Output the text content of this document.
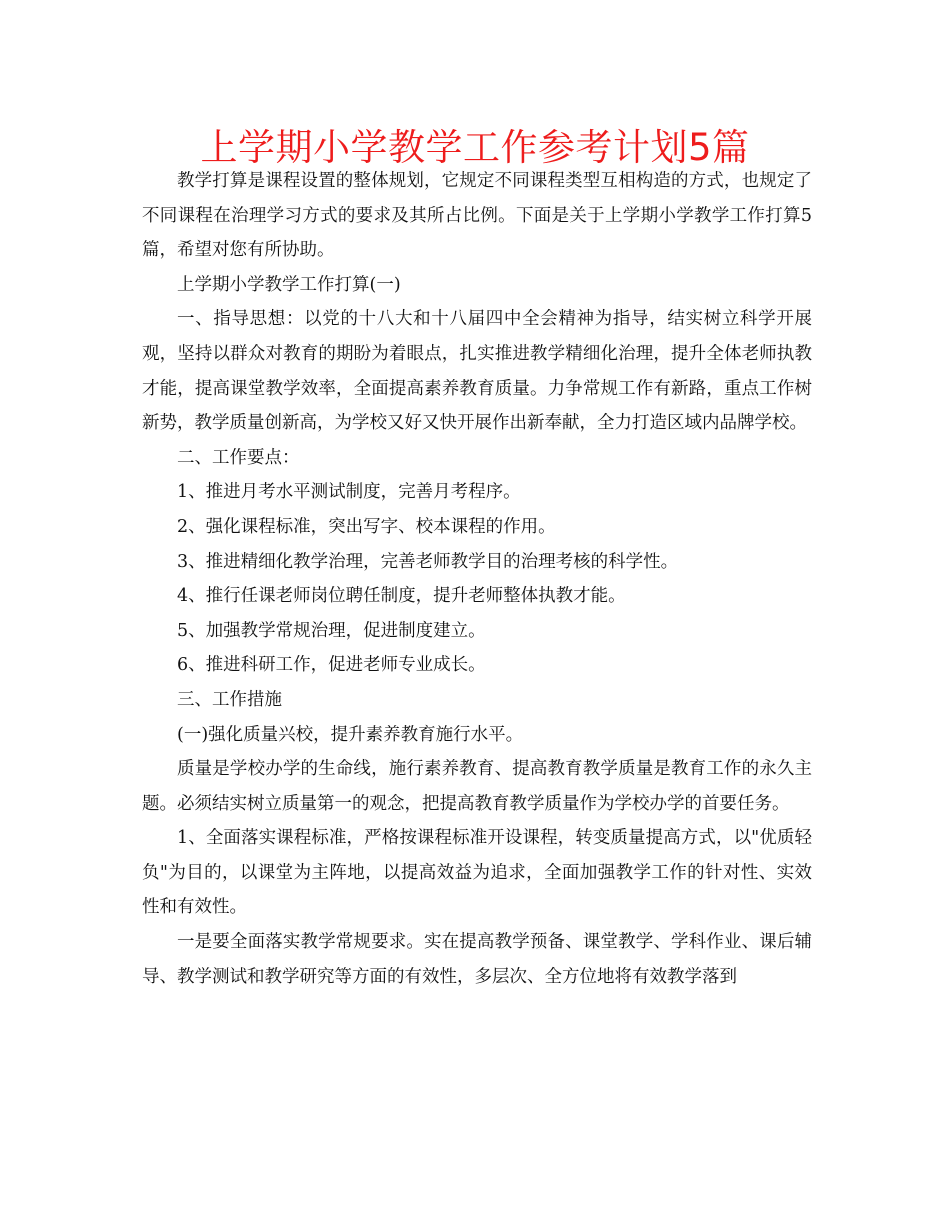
上学期小学教学工作参考计划5篇

教学打算是课程设置的整体规划，它规定不同课程类型互相构造的方式，也规定了不同课程在治理学习方式的要求及其所占比例。下面是关于上学期小学教学工作打算5篇，希望对您有所协助。

上学期小学教学工作打算(一)

一、指导思想：以党的十八大和十八届四中全会精神为指导，结实树立科学开展观，坚持以群众对教育的期盼为着眼点，扎实推进教学精细化治理，提升全体老师执教才能，提高课堂教学效率，全面提高素养教育质量。力争常规工作有新路，重点工作树新势，教学质量创新高，为学校又好又快开展作出新奉献，全力打造区域内品牌学校。

二、工作要点：

1、推进月考水平测试制度，完善月考程序。

2、强化课程标准，突出写字、校本课程的作用。

3、推进精细化教学治理，完善老师教学目的治理考核的科学性。

4、推行任课老师岗位聘任制度，提升老师整体执教才能。

5、加强教学常规治理，促进制度建立。

6、推进科研工作，促进老师专业成长。

三、工作措施

(一)强化质量兴校，提升素养教育施行水平。

质量是学校办学的生命线，施行素养教育、提高教育教学质量是教育工作的永久主题。必须结实树立质量第一的观念，把提高教育教学质量作为学校办学的首要任务。

1、全面落实课程标准，严格按课程标准开设课程，转变质量提高方式，以"优质轻负"为目的，以课堂为主阵地，以提高效益为追求，全面加强教学工作的针对性、实效性和有效性。

一是要全面落实教学常规要求。实在提高教学预备、课堂教学、学科作业、课后辅导、教学测试和教学研究等方面的有效性，多层次、全方位地将有效教学落到
